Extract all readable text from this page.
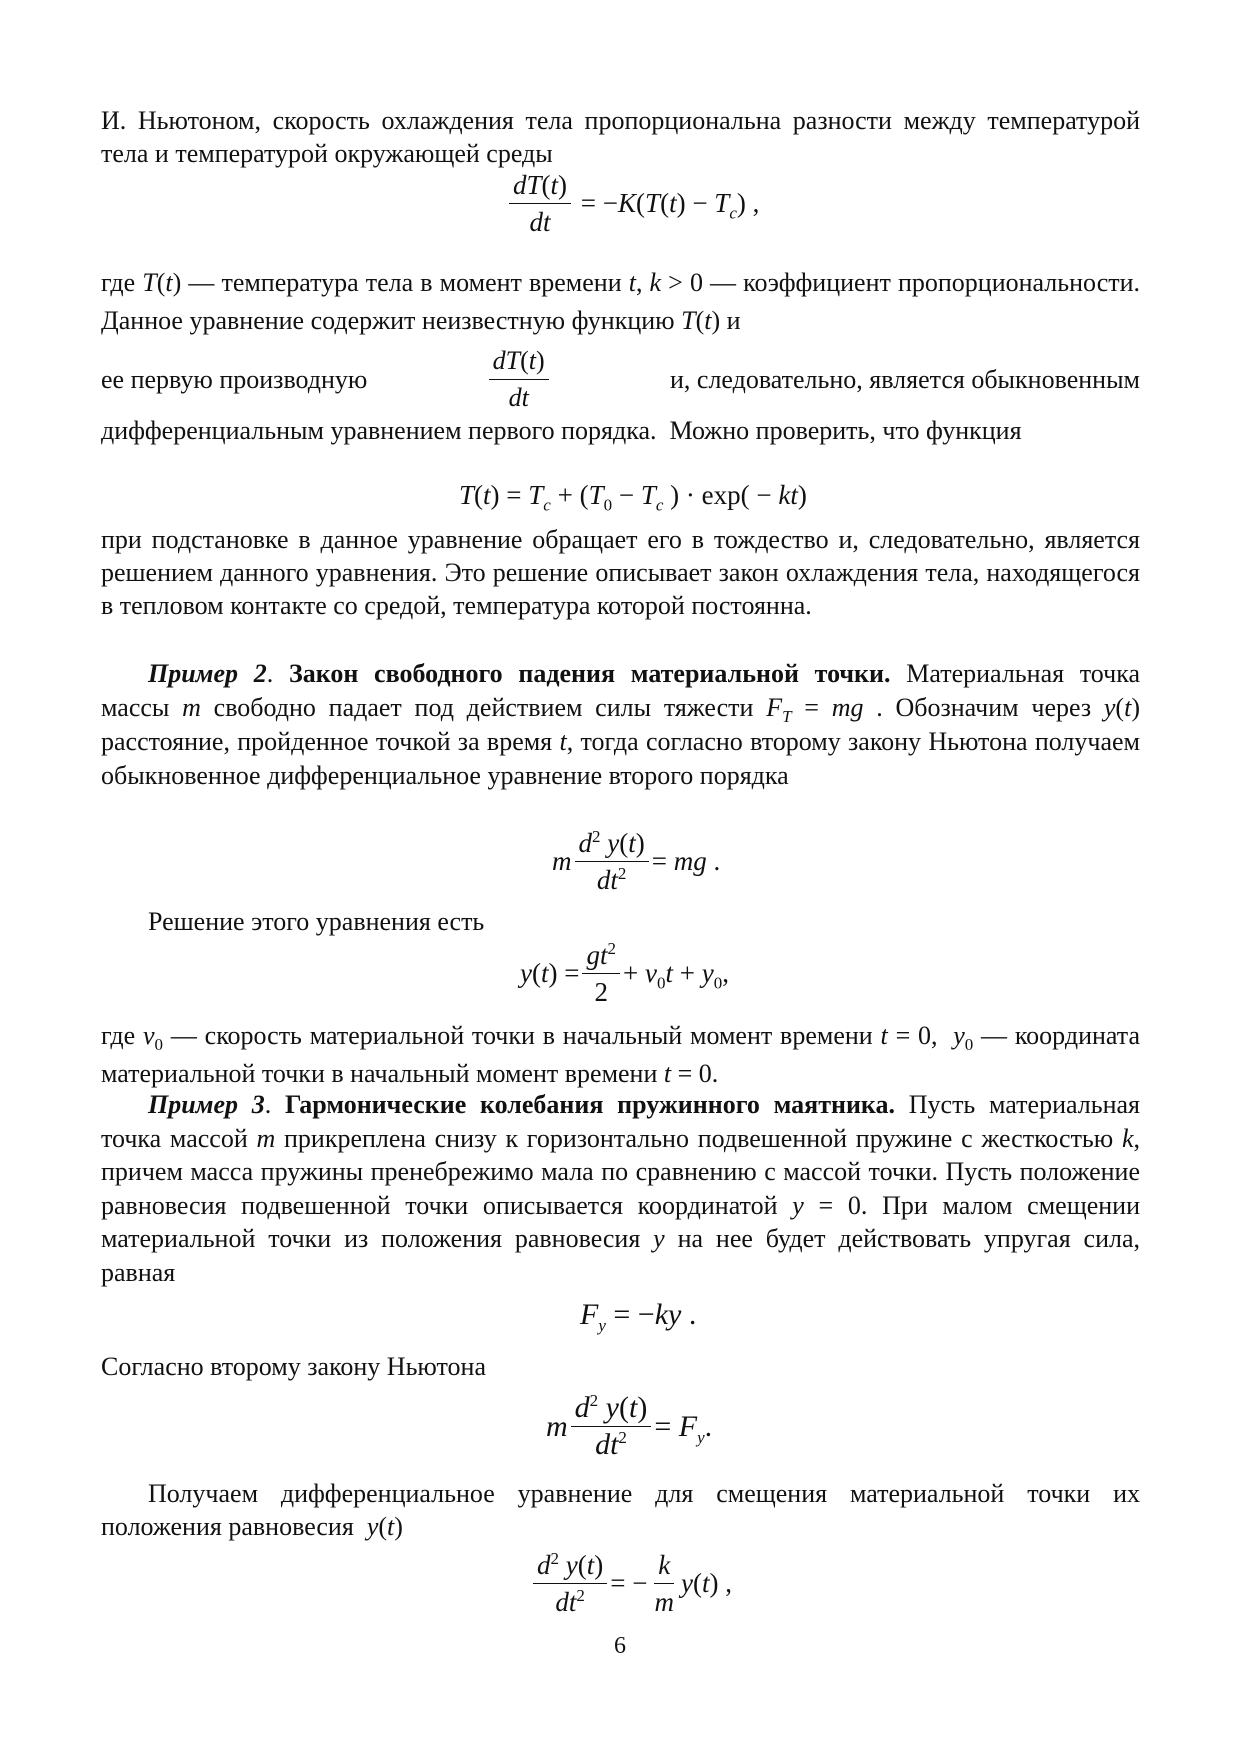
И. Ньютоном, скорость охлаждения тела пропорциональна разности между температурой тела и температурой окружающей среды

$\frac{dT(t)}{dt} = -K(T(t) - T_c)$ ,

где T(t) — температура тела в момент времени t, k > 0 — коэффициент пропорциональности. Данное уравнение содержит неизвестную функцию T(t) и

ее первую производную	$\frac{dT(t)}{dt}$	и, следовательно, является обыкновенным

дифференциальным уравнением первого порядка.  Можно проверить, что функция

$T(t) = T_c + (T_0 - T_c$ ) · exp( − kt)

при подстановке в данное уравнение обращает его в тождество и, следовательно, является решением данного уравнения. Это решение описывает закон охлаждения тела, находящегося в тепловом контакте со средой, температура которой постоянна.

Пример 2. Закон свободного падения материальной точки. Материальная точка массы m свободно падает под действием силы тяжести $F_T$ = mg . Обозначим через y(t) расстояние, пройденное точкой за время t, тогда согласно второму закону Ньютона получаем обыкновенное дифференциальное уравнение второго порядка

m $\frac{d^2 y(t)}{dt^2}$ = mg .

Решение этого уравнения есть

$y(t) = \frac{gt^2}{2} + v_0t + y_0$,

где $v_0$ — скорость материальной точки в начальный момент времени t = 0,  $y_0$ — координата материальной точки в начальный момент времени t = 0.

Пример 3. Гармонические колебания пружинного маятника. Пусть материальная точка массой m прикреплена снизу к горизонтально подвешенной пружине с жесткостью k, причем масса пружины пренебрежимо мала по сравнению с массой точки. Пусть положение равновесия подвешенной точки описывается координатой y = 0. При малом смещении материальной точки из положения равновесия y на нее будет действовать упругая сила, равная

$F_y = -ky$ .

Согласно второму закону Ньютона

m $\frac{d^2 y(t)}{dt^2} = F_y$.

Получаем дифференциальное уравнение для смещения материальной точки их положения равновесия  y(t)

$\frac{d^2 y(t)}{dt^2}$ = − $\frac{k}{m} y(t)$ ,
6
